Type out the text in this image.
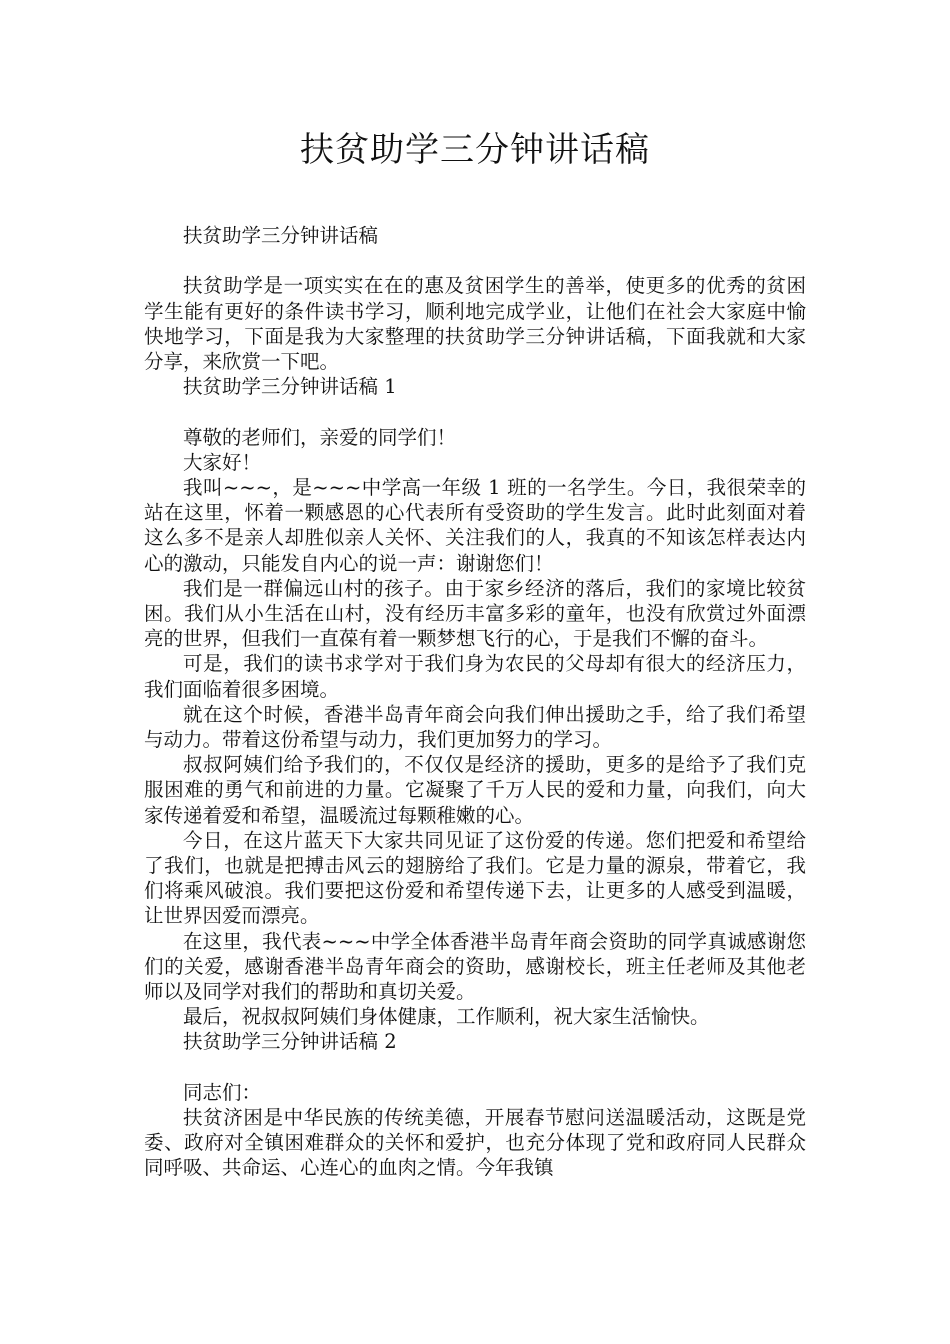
扶贫助学三分钟讲话稿

扶贫助学三分钟讲话稿

扶贫助学是一项实实在在的惠及贫困学生的善举，使更多的优秀的贫困学生能有更好的条件读书学习，顺利地完成学业，让他们在社会大家庭中愉快地学习，下面是我为大家整理的扶贫助学三分钟讲话稿，下面我就和大家分享，来欣赏一下吧。

扶贫助学三分钟讲话稿 1

尊敬的老师们，亲爱的同学们！

大家好！

我叫~~~，是~~~中学高一年级 1 班的一名学生。今日，我很荣幸的站在这里，怀着一颗感恩的心代表所有受资助的学生发言。此时此刻面对着这么多不是亲人却胜似亲人关怀、关注我们的人，我真的不知该怎样表达内心的激动，只能发自内心的说一声：谢谢您们！

我们是一群偏远山村的孩子。由于家乡经济的落后，我们的家境比较贫困。我们从小生活在山村，没有经历丰富多彩的童年，也没有欣赏过外面漂亮的世界，但我们一直葆有着一颗梦想飞行的心，于是我们不懈的奋斗。

可是，我们的读书求学对于我们身为农民的父母却有很大的经济压力，我们面临着很多困境。

就在这个时候，香港半岛青年商会向我们伸出援助之手，给了我们希望与动力。带着这份希望与动力，我们更加努力的学习。

叔叔阿姨们给予我们的，不仅仅是经济的援助，更多的是给予了我们克服困难的勇气和前进的力量。它凝聚了千万人民的爱和力量，向我们，向大家传递着爱和希望，温暖流过每颗稚嫩的心。

今日，在这片蓝天下大家共同见证了这份爱的传递。您们把爱和希望给了我们，也就是把搏击风云的翅膀给了我们。它是力量的源泉，带着它，我们将乘风破浪。我们要把这份爱和希望传递下去，让更多的人感受到温暖，让世界因爱而漂亮。

在这里，我代表~~~中学全体香港半岛青年商会资助的同学真诚感谢您们的关爱，感谢香港半岛青年商会的资助，感谢校长，班主任老师及其他老师以及同学对我们的帮助和真切关爱。

最后，祝叔叔阿姨们身体健康，工作顺利，祝大家生活愉快。

扶贫助学三分钟讲话稿 2

同志们：

扶贫济困是中华民族的传统美德，开展春节慰问送温暖活动，这既是党委、政府对全镇困难群众的关怀和爱护，也充分体现了党和政府同人民群众同呼吸、共命运、心连心的血肉之情。今年我镇
